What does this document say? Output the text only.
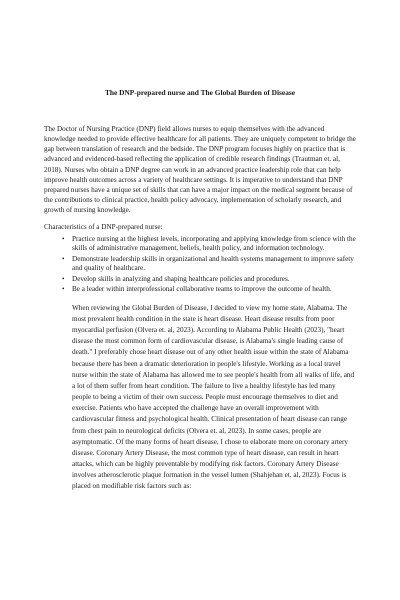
The DNP-prepared nurse and The Global Burden of Disease

The Doctor of Nursing Practice (DNP) field allows nurses to equip themselves with the advanced knowledge needed to provide effective healthcare for all patients. They are uniquely competent to bridge the gap between translation of research and the bedside. The DNP program focuses highly on practice that is advanced and evidenced-based reflecting the application of credible research findings (Trautman et. al, 2018). Nurses who obtain a DNP degree can work in an advanced practice leadership role that can help improve health outcomes across a variety of healthcare settings. It is imperative to understand that DNP prepared nurses have a unique set of skills that can have a major impact on the medical segment because of the contributions to clinical practice, health policy advocacy, implementation of scholarly research, and growth of nursing knowledge.

Characteristics of a DNP-prepared nurse:

• Practice nursing at the highest levels, incorporating and applying knowledge from science with the skills of administrative management, beliefs, health policy, and information technology.
• Demonstrate leadership skills in organizational and health systems management to improve safety and quality of healthcare.
• Develop skills in analyzing and shaping healthcare policies and procedures.
• Be a leader within interprofessional collaborative teams to improve the outcome of health.

When reviewing the Global Burden of Disease, I decided to view my home state, Alabama. The most prevalent health condition in the state is heart disease. Heart disease results from poor myocardial perfusion (Olvera et. al, 2023). According to Alabama Public Health (2023), "heart disease the most common form of cardiovascular disease, is Alabama's single leading cause of death." I preferably chose heart disease out of any other health issue within the state of Alabama because there has been a dramatic deterioration in people's lifestyle. Working as a local travel nurse within the state of Alabama has allowed me to see people's health from all walks of life, and a lot of them suffer from heart condition. The failure to live a healthy lifestyle has led many people to being a victim of their own success. People must encourage themselves to diet and exercise. Patients who have accepted the challenge have an overall improvement with cardiovascular fitness and psychological health. Clinical presentation of heart disease can range from chest pain to neurological deficits (Olvera et. al, 2023). In some cases, people are asymptomatic. Of the many forms of heart disease, I chose to elaborate more on coronary artery disease. Coronary Artery Disease, the most common type of heart disease, can result in heart attacks, which can be highly preventable by modifying risk factors. Coronary Artery Disease involves atherosclerotic plaque formation in the vessel lumen (Shahjehan et. al, 2023). Focus is placed on modifiable risk factors such as:
